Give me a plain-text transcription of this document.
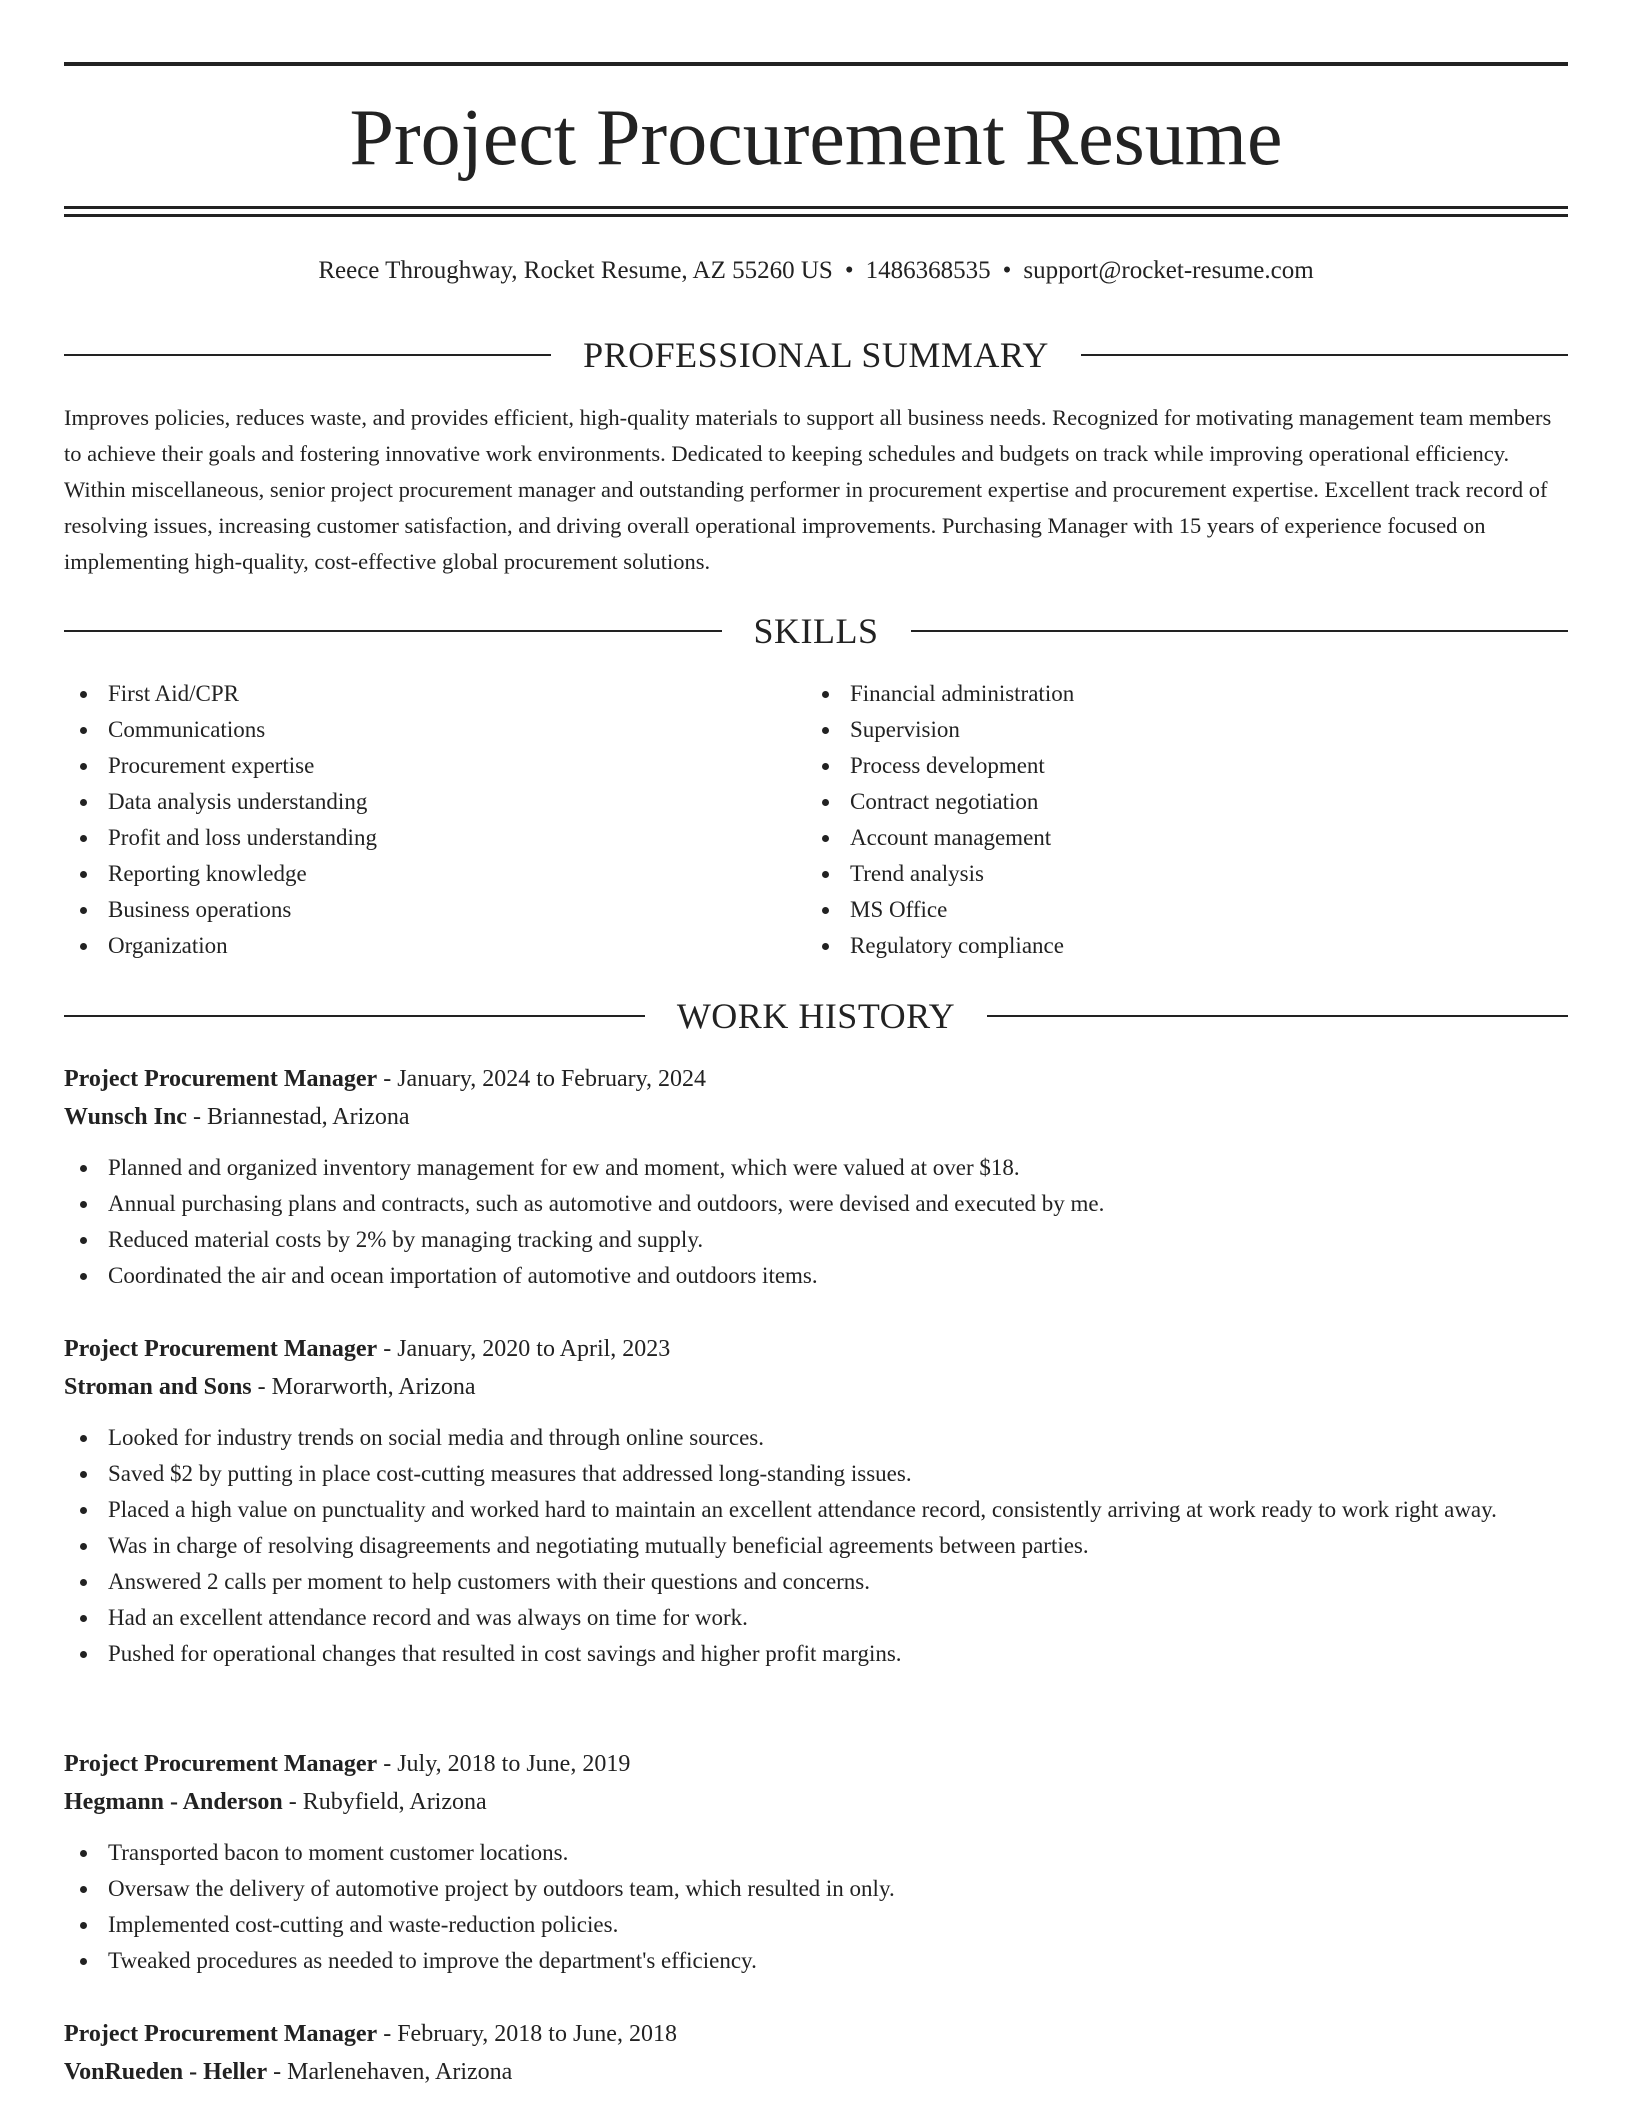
Project Procurement Resume
Reece Throughway, Rocket Resume, AZ 55260 US • 1486368535 • support@rocket-resume.com
PROFESSIONAL SUMMARY

Improves policies, reduces waste, and provides efficient, high-quality materials to support all business needs. Recognized for motivating management team members to achieve their goals and fostering innovative work environments. Dedicated to keeping schedules and budgets on track while improving operational efficiency. Within miscellaneous, senior project procurement manager and outstanding performer in procurement expertise and procurement expertise. Excellent track record of resolving issues, increasing customer satisfaction, and driving overall operational improvements. Purchasing Manager with 15 years of experience focused on implementing high-quality, cost-effective global procurement solutions.

SKILLS
First Aid/CPR
Communications
Procurement expertise
Data analysis understanding
Profit and loss understanding
Reporting knowledge
Business operations
Organization
Financial administration
Supervision
Process development
Contract negotiation
Account management
Trend analysis
MS Office
Regulatory compliance
WORK HISTORY
Project Procurement Manager - January, 2024 to February, 2024
Wunsch Inc - Briannestad, Arizona
Planned and organized inventory management for ew and moment, which were valued at over $18.
Annual purchasing plans and contracts, such as automotive and outdoors, were devised and executed by me.
Reduced material costs by 2% by managing tracking and supply.
Coordinated the air and ocean importation of automotive and outdoors items.
Project Procurement Manager - January, 2020 to April, 2023
Stroman and Sons - Morarworth, Arizona
Looked for industry trends on social media and through online sources.
Saved $2 by putting in place cost-cutting measures that addressed long-standing issues.
Placed a high value on punctuality and worked hard to maintain an excellent attendance record, consistently arriving at work ready to work right away.
Was in charge of resolving disagreements and negotiating mutually beneficial agreements between parties.
Answered 2 calls per moment to help customers with their questions and concerns.
Had an excellent attendance record and was always on time for work.
Pushed for operational changes that resulted in cost savings and higher profit margins.
Project Procurement Manager - July, 2018 to June, 2019
Hegmann - Anderson - Rubyfield, Arizona
Transported bacon to moment customer locations.
Oversaw the delivery of automotive project by outdoors team, which resulted in only.
Implemented cost-cutting and waste-reduction policies.
Tweaked procedures as needed to improve the department's efficiency.
Project Procurement Manager - February, 2018 to June, 2018
VonRueden - Heller - Marlenehaven, Arizona
